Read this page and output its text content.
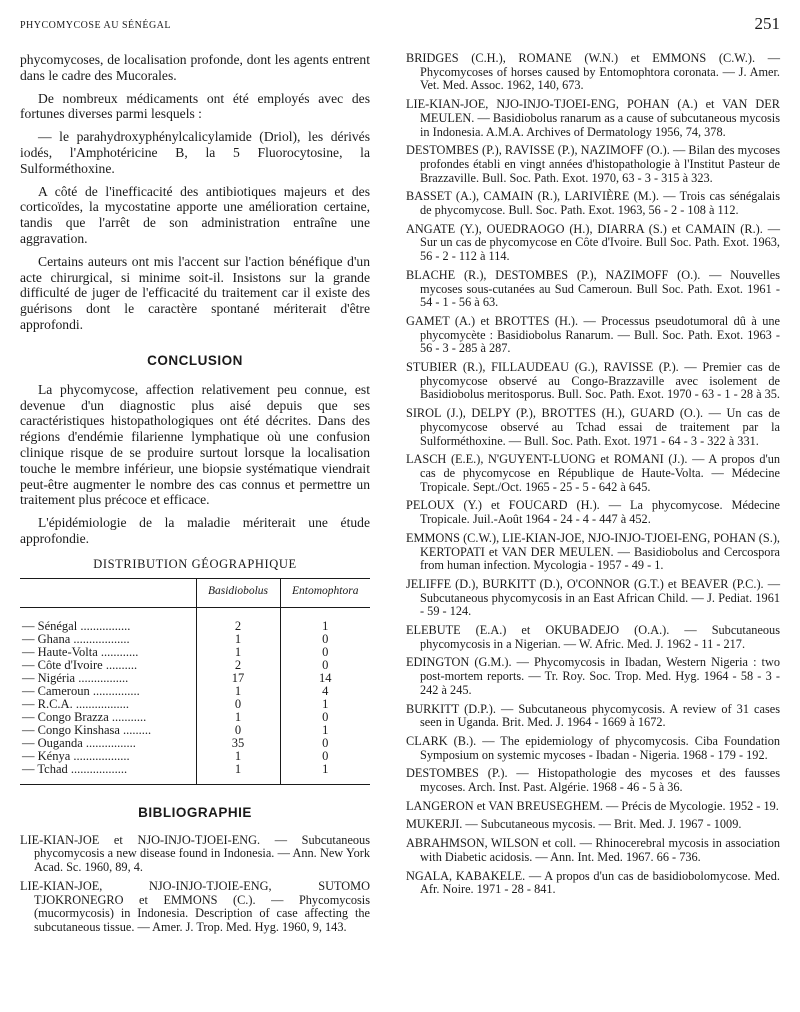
PHYCOMYCOSE AU SÉNÉGAL	251

phycomycoses, de localisation profonde, dont les agents entrent dans le cadre des Mucorales.

De nombreux médicaments ont été employés avec des fortunes diverses parmi lesquels :

— le parahydroxyphénylcalicylamide (Driol), les dérivés iodés, l'Amphotéricine B, la 5 Fluorocytosine, la Sulforméthoxine.

A côté de l'inefficacité des antibiotiques majeurs et des corticoïdes, la mycostatine apporte une amélioration certaine, tandis que l'arrêt de son administration entraîne une aggravation.

Certains auteurs ont mis l'accent sur l'action bénéfique d'un acte chirurgical, si minime soit-il. Insistons sur la grande difficulté de juger de l'efficacité du traitement car il existe des guérisons dont le caractère spontané mériterait d'être approfondi.

CONCLUSION

La phycomycose, affection relativement peu connue, est devenue d'un diagnostic plus aisé depuis que ses caractéristiques histopathologiques ont été décrites. Dans des régions d'endémie filarienne lymphatique où une confusion clinique risque de se produire surtout lorsque la localisation touche le membre inférieur, une biopsie systématique viendrait peut-être augmenter le nombre des cas connus et permettre un traitement plus précoce et efficace.

L'épidémiologie de la maladie mériterait une étude approfondie.

DISTRIBUTION GÉOGRAPHIQUE
	Basidiobolus	Entomophtora

— Sénégal ................	2	1
— Ghana ..................	1	0
— Haute-Volta ............	1	0
— Côte d'Ivoire ..........	2	0
— Nigéria ................	17	14
— Cameroun ...............	1	4
— R.C.A. .................	0	1
— Congo Brazza ...........	1	0
— Congo Kinshasa .........	0	1
— Ouganda ................	35	0
— Kénya ..................	1	0
— Tchad ..................	1	1

BIBLIOGRAPHIE

LIE-KIAN-JOE et NJO-INJO-TJOEI-ENG. — Subcutaneous phycomycosis a new disease found in Indonesia. — Ann. New York Acad. Sc. 1960, 89, 4.

LIE-KIAN-JOE, NJO-INJO-TJOIE-ENG, SUTOMO TJOKRONEGRO et EMMONS (C.). — Phycomycosis (mucormycosis) in Indonesia. Description of case affecting the subcutaneous tissue. — Amer. J. Trop. Med. Hyg. 1960, 9, 143.

BRIDGES (C.H.), ROMANE (W.N.) et EMMONS (C.W.). — Phycomycoses of horses caused by Entomophtora coronata. — J. Amer. Vet. Med. Assoc. 1962, 140, 673.

LIE-KIAN-JOE, NJO-INJO-TJOEI-ENG, POHAN (A.) et VAN DER MEULEN. — Basidiobolus ranarum as a cause of subcutaneous mycosis in Indonesia. A.M.A. Archives of Dermatology 1956, 74, 378.

DESTOMBES (P.), RAVISSE (P.), NAZIMOFF (O.). — Bilan des mycoses profondes établi en vingt années d'histopathologie à l'Institut Pasteur de Brazzaville. Bull. Soc. Path. Exot. 1970, 63 - 3 - 315 à 323.

BASSET (A.), CAMAIN (R.), LARIVIÈRE (M.). — Trois cas sénégalais de phycomycose. Bull. Soc. Path. Exot. 1963, 56 - 2 - 108 à 112.

ANGATE (Y.), OUEDRAOGO (H.), DIARRA (S.) et CAMAIN (R.). — Sur un cas de phycomycose en Côte d'Ivoire. Bull Soc. Path. Exot. 1963, 56 - 2 - 112 à 114.

BLACHE (R.), DESTOMBES (P.), NAZIMOFF (O.). — Nouvelles mycoses sous-cutanées au Sud Cameroun. Bull Soc. Path. Exot. 1961 - 54 - 1 - 56 à 63.

GAMET (A.) et BROTTES (H.). — Processus pseudotumoral dû à une phycomycète : Basidiobolus Ranarum. — Bull. Soc. Path. Exot. 1963 - 56 - 3 - 285 à 287.

STUBIER (R.), FILLAUDEAU (G.), RAVISSE (P.). — Premier cas de phycomycose observé au Congo-Brazzaville avec isolement de Basidiobolus meritosporus. Bull. Soc. Path. Exot. 1970 - 63 - 1 - 28 à 35.

SIROL (J.), DELPY (P.), BROTTES (H.), GUARD (O.). — Un cas de phycomycose observé au Tchad essai de traitement par la Sulforméthoxine. — Bull. Soc. Path. Exot. 1971 - 64 - 3 - 322 à 331.

LASCH (E.E.), N'GUYENT-LUONG et ROMANI (J.). — A propos d'un cas de phycomycose en République de Haute-Volta. — Médecine Tropicale. Sept./Oct. 1965 - 25 - 5 - 642 à 645.

PELOUX (Y.) et FOUCARD (H.). — La phycomycose. Médecine Tropicale. Juil.-Août 1964 - 24 - 4 - 447 à 452.

EMMONS (C.W.), LIE-KIAN-JOE, NJO-INJO-TJOEI-ENG, POHAN (S.), KERTOPATI et VAN DER MEULEN. — Basidiobolus and Cercospora from human infection. Mycologia - 1957 - 49 - 1.

JELIFFE (D.), BURKITT (D.), O'CONNOR (G.T.) et BEAVER (P.C.). — Subcutaneous phycomycosis in an East African Child. — J. Pediat. 1961 - 59 - 124.

ELEBUTE (E.A.) et OKUBADEJO (O.A.). — Subcutaneous phycomycosis in a Nigerian. — W. Afric. Med. J. 1962 - 11 - 217.

EDINGTON (G.M.). — Phycomycosis in Ibadan, Western Nigeria : two post-mortem reports. — Tr. Roy. Soc. Trop. Med. Hyg. 1964 - 58 - 3 - 242 à 245.

BURKITT (D.P.). — Subcutaneous phycomycosis. A review of 31 cases seen in Uganda. Brit. Med. J. 1964 - 1669 à 1672.

CLARK (B.). — The epidemiology of phycomycosis. Ciba Foundation Symposium on systemic mycoses - Ibadan - Nigeria. 1968 - 179 - 192.

DESTOMBES (P.). — Histopathologie des mycoses et des fausses mycoses. Arch. Inst. Past. Algérie. 1968 - 46 - 5 à 36.

LANGERON et VAN BREUSEGHEM. — Précis de Mycologie. 1952 - 19.

MUKERJI. — Subcutaneous mycosis. — Brit. Med. J. 1967 - 1009.

ABRAHMSON, WILSON et coll. — Rhinocerebral mycosis in association with Diabetic acidosis. — Ann. Int. Med. 1967. 66 - 736.

NGALA, KABAKELE. — A propos d'un cas de basidiobolomycose. Med. Afr. Noire. 1971 - 28 - 841.
